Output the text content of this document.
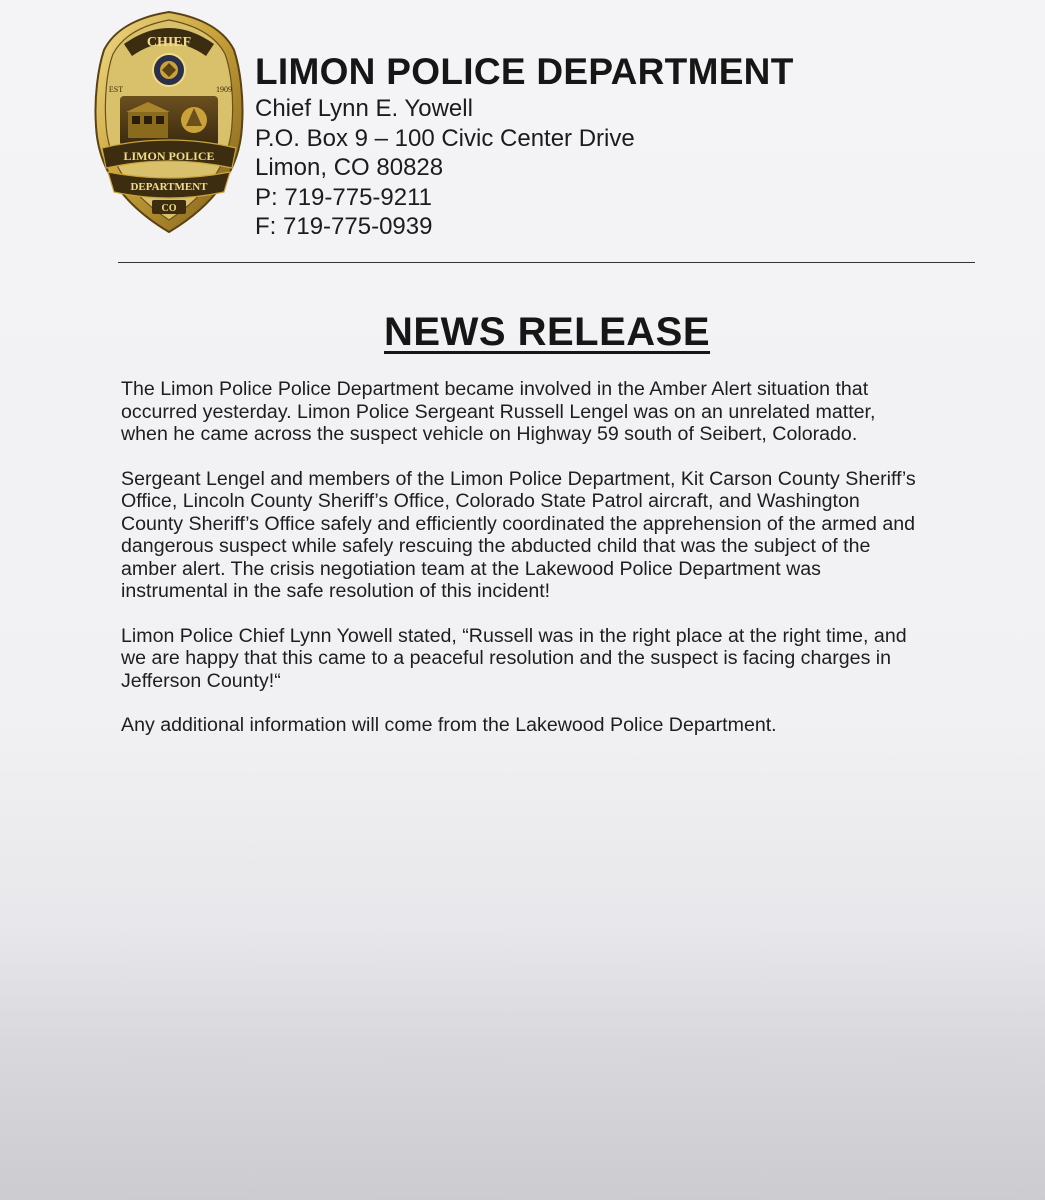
CHIEF
EST	1909
LIMON POLICE
DEPARTMENT
CO
LIMON POLICE DEPARTMENT
Chief Lynn E. Yowell
P.O. Box 9 – 100 Civic Center Drive
Limon, CO 80828
P: 719-775-9211
F: 719-775-0939
NEWS RELEASE

The Limon Police Police Department became involved in the Amber Alert situation that
occurred yesterday. Limon Police Sergeant Russell Lengel was on an unrelated matter,
when he came across the suspect vehicle on Highway 59 south of Seibert, Colorado.

Sergeant Lengel and members of the Limon Police Department, Kit Carson County Sheriff’s
Office, Lincoln County Sheriff’s Office, Colorado State Patrol aircraft, and Washington
County Sheriff’s Office safely and efficiently coordinated the apprehension of the armed and
dangerous suspect while safely rescuing the abducted child that was the subject of the
amber alert. The crisis negotiation team at the Lakewood Police Department was
instrumental in the safe resolution of this incident!

Limon Police Chief Lynn Yowell stated, “Russell was in the right place at the right time, and
we are happy that this came to a peaceful resolution and the suspect is facing charges in
Jefferson County!“

Any additional information will come from the Lakewood Police Department.
